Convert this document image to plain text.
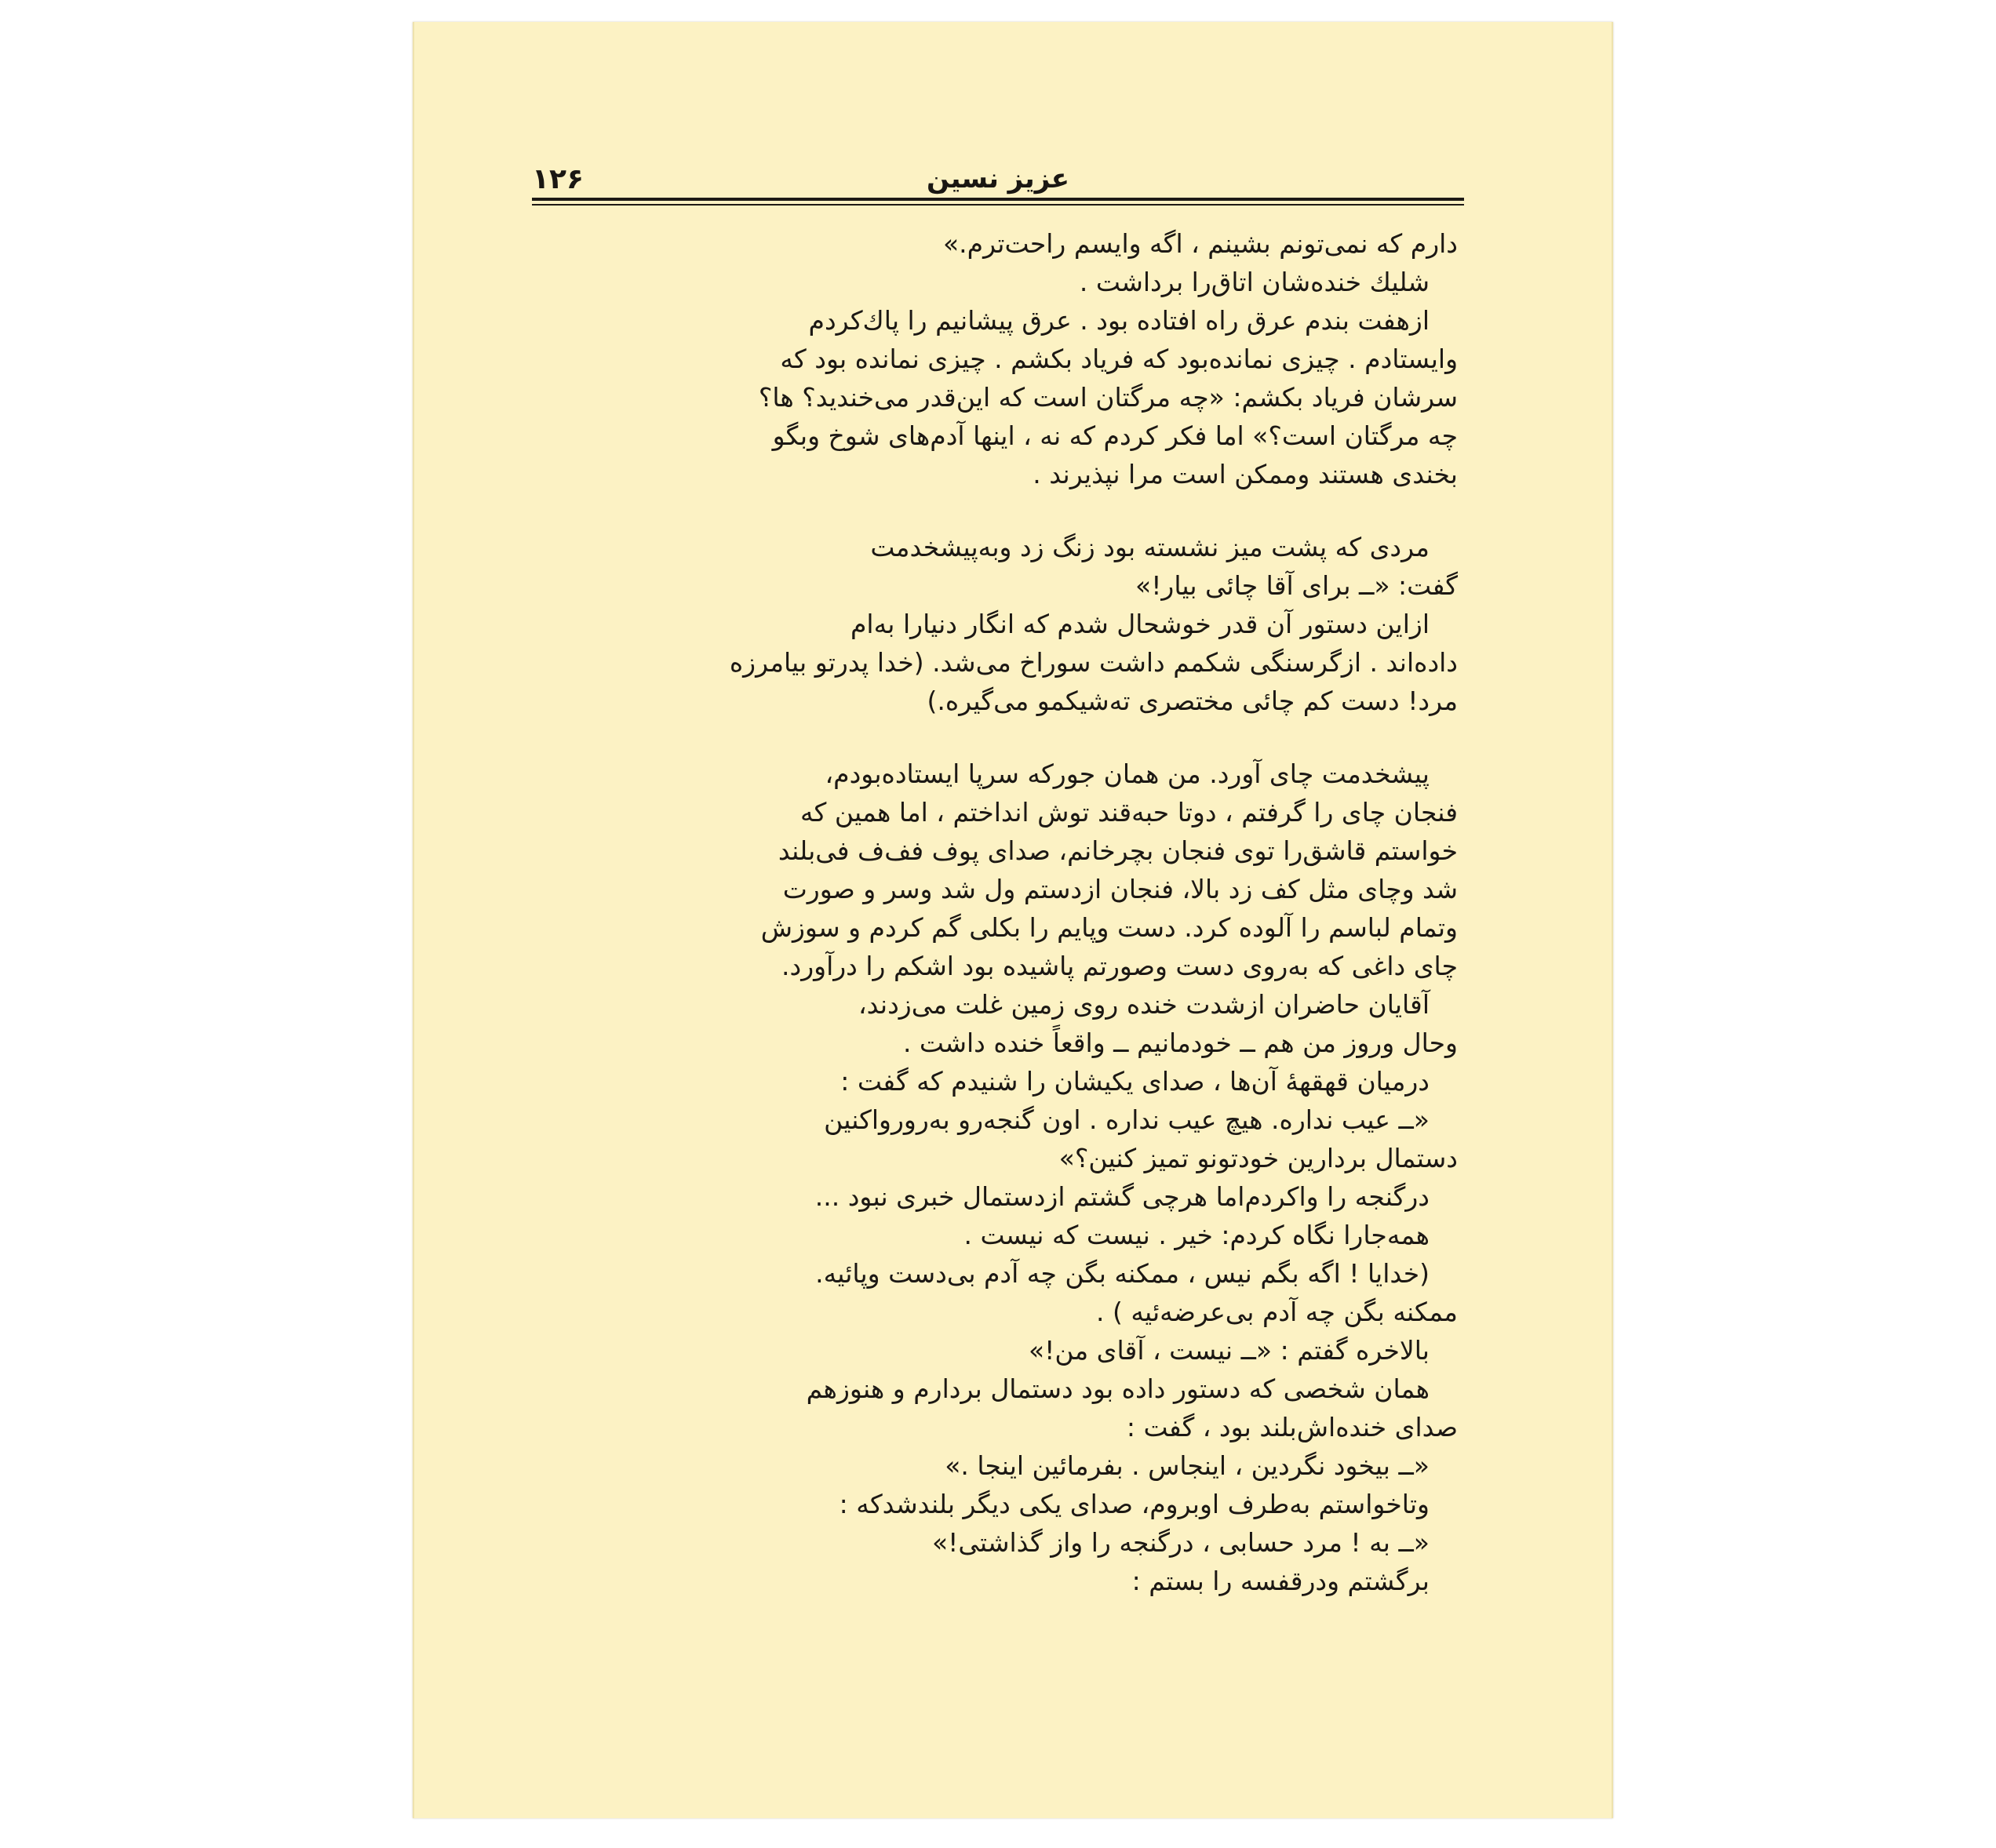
۱۲۶	عزیز نسین
دارم که نمی‌تونم بشینم ، اگه وایسم راحت‌ترم.»
شلیك خنده‌شان اتاق‌را برداشت .
ازهفت بندم عرق راه افتاده بود . عرق پیشانیم را پاك‌کردم
وایستادم . چیزی نمانده‌بود که فریاد بکشم . چیزی نمانده بود که
سرشان فریاد بکشم: «چه مرگتان است که این‌قدر می‌خندید؟ ها؟
چه مرگتان است؟» اما فکر کردم که نه ، اینها آدم‌های شوخ وبگو
بخندی هستند وممکن است مرا نپذیرند .
مردی که پشت میز نشسته بود زنگ زد وبه‌پیشخدمت
گفت: «ــ برای آقا چائی بیار!»
ازاین دستور آن قدر خوشحال شدم که انگار دنیارا به‌ام
داده‌اند . ازگرسنگی شکمم داشت سوراخ می‌شد. (خدا پدرتو بیامرزه
مرد! دست کم چائی مختصری ته‌شیکمو می‌گیره.)
پیشخدمت چای آورد. من همان جورکه سرپا ایستاده‌بودم،
فنجان چای را گرفتم ، دوتا حبه‌قند توش انداختم ، اما همین که
خواستم قاشق‌را توی فنجان بچرخانم، صدای پوف فف‌ف فی‌بلند
شد وچای مثل کف زد بالا، فنجان ازدستم ول شد وسر و صورت
وتمام لباسم را آلوده کرد. دست وپایم را بکلی گم کردم و سوزش
چای داغی که به‌روی دست وصورتم پاشیده بود اشکم را درآورد.
آقایان حاضران ازشدت خنده روی زمین غلت می‌زدند،
وحال وروز من هم ــ خودمانیم ــ واقعاً خنده داشت .
درمیان قهقههٔ آن‌ها ، صدای یکیشان را شنیدم که گفت :
«ــ عیب نداره. هیچ عیب نداره . اون گنجه‌رو به‌رورواکنین
دستمال بردارین خودتونو تمیز کنین؟»
درگنجه را واکردم‌اما هرچی گشتم ازدستمال خبری نبود ...
همه‌جارا نگاه کردم: خیر . نیست که نیست .
(خدایا ! اگه بگم نیس ، ممکنه بگن چه آدم بی‌دست وپائیه.
ممکنه بگن چه آدم بی‌عرضه‌ئیه ) .
بالاخره گفتم : «ــ نیست ، آقای من!»
همان شخصی که دستور داده بود دستمال بردارم و هنوزهم
صدای خنده‌اش‌بلند بود ، گفت :
«ــ بیخود نگردین ، اینجاس . بفرمائین اینجا .»
وتاخواستم به‌طرف اوبروم، صدای یکی دیگر بلندشدکه :
«ــ به ! مرد حسابی ، درگنجه را واز گذاشتی!»
برگشتم ودرقفسه را بستم :
